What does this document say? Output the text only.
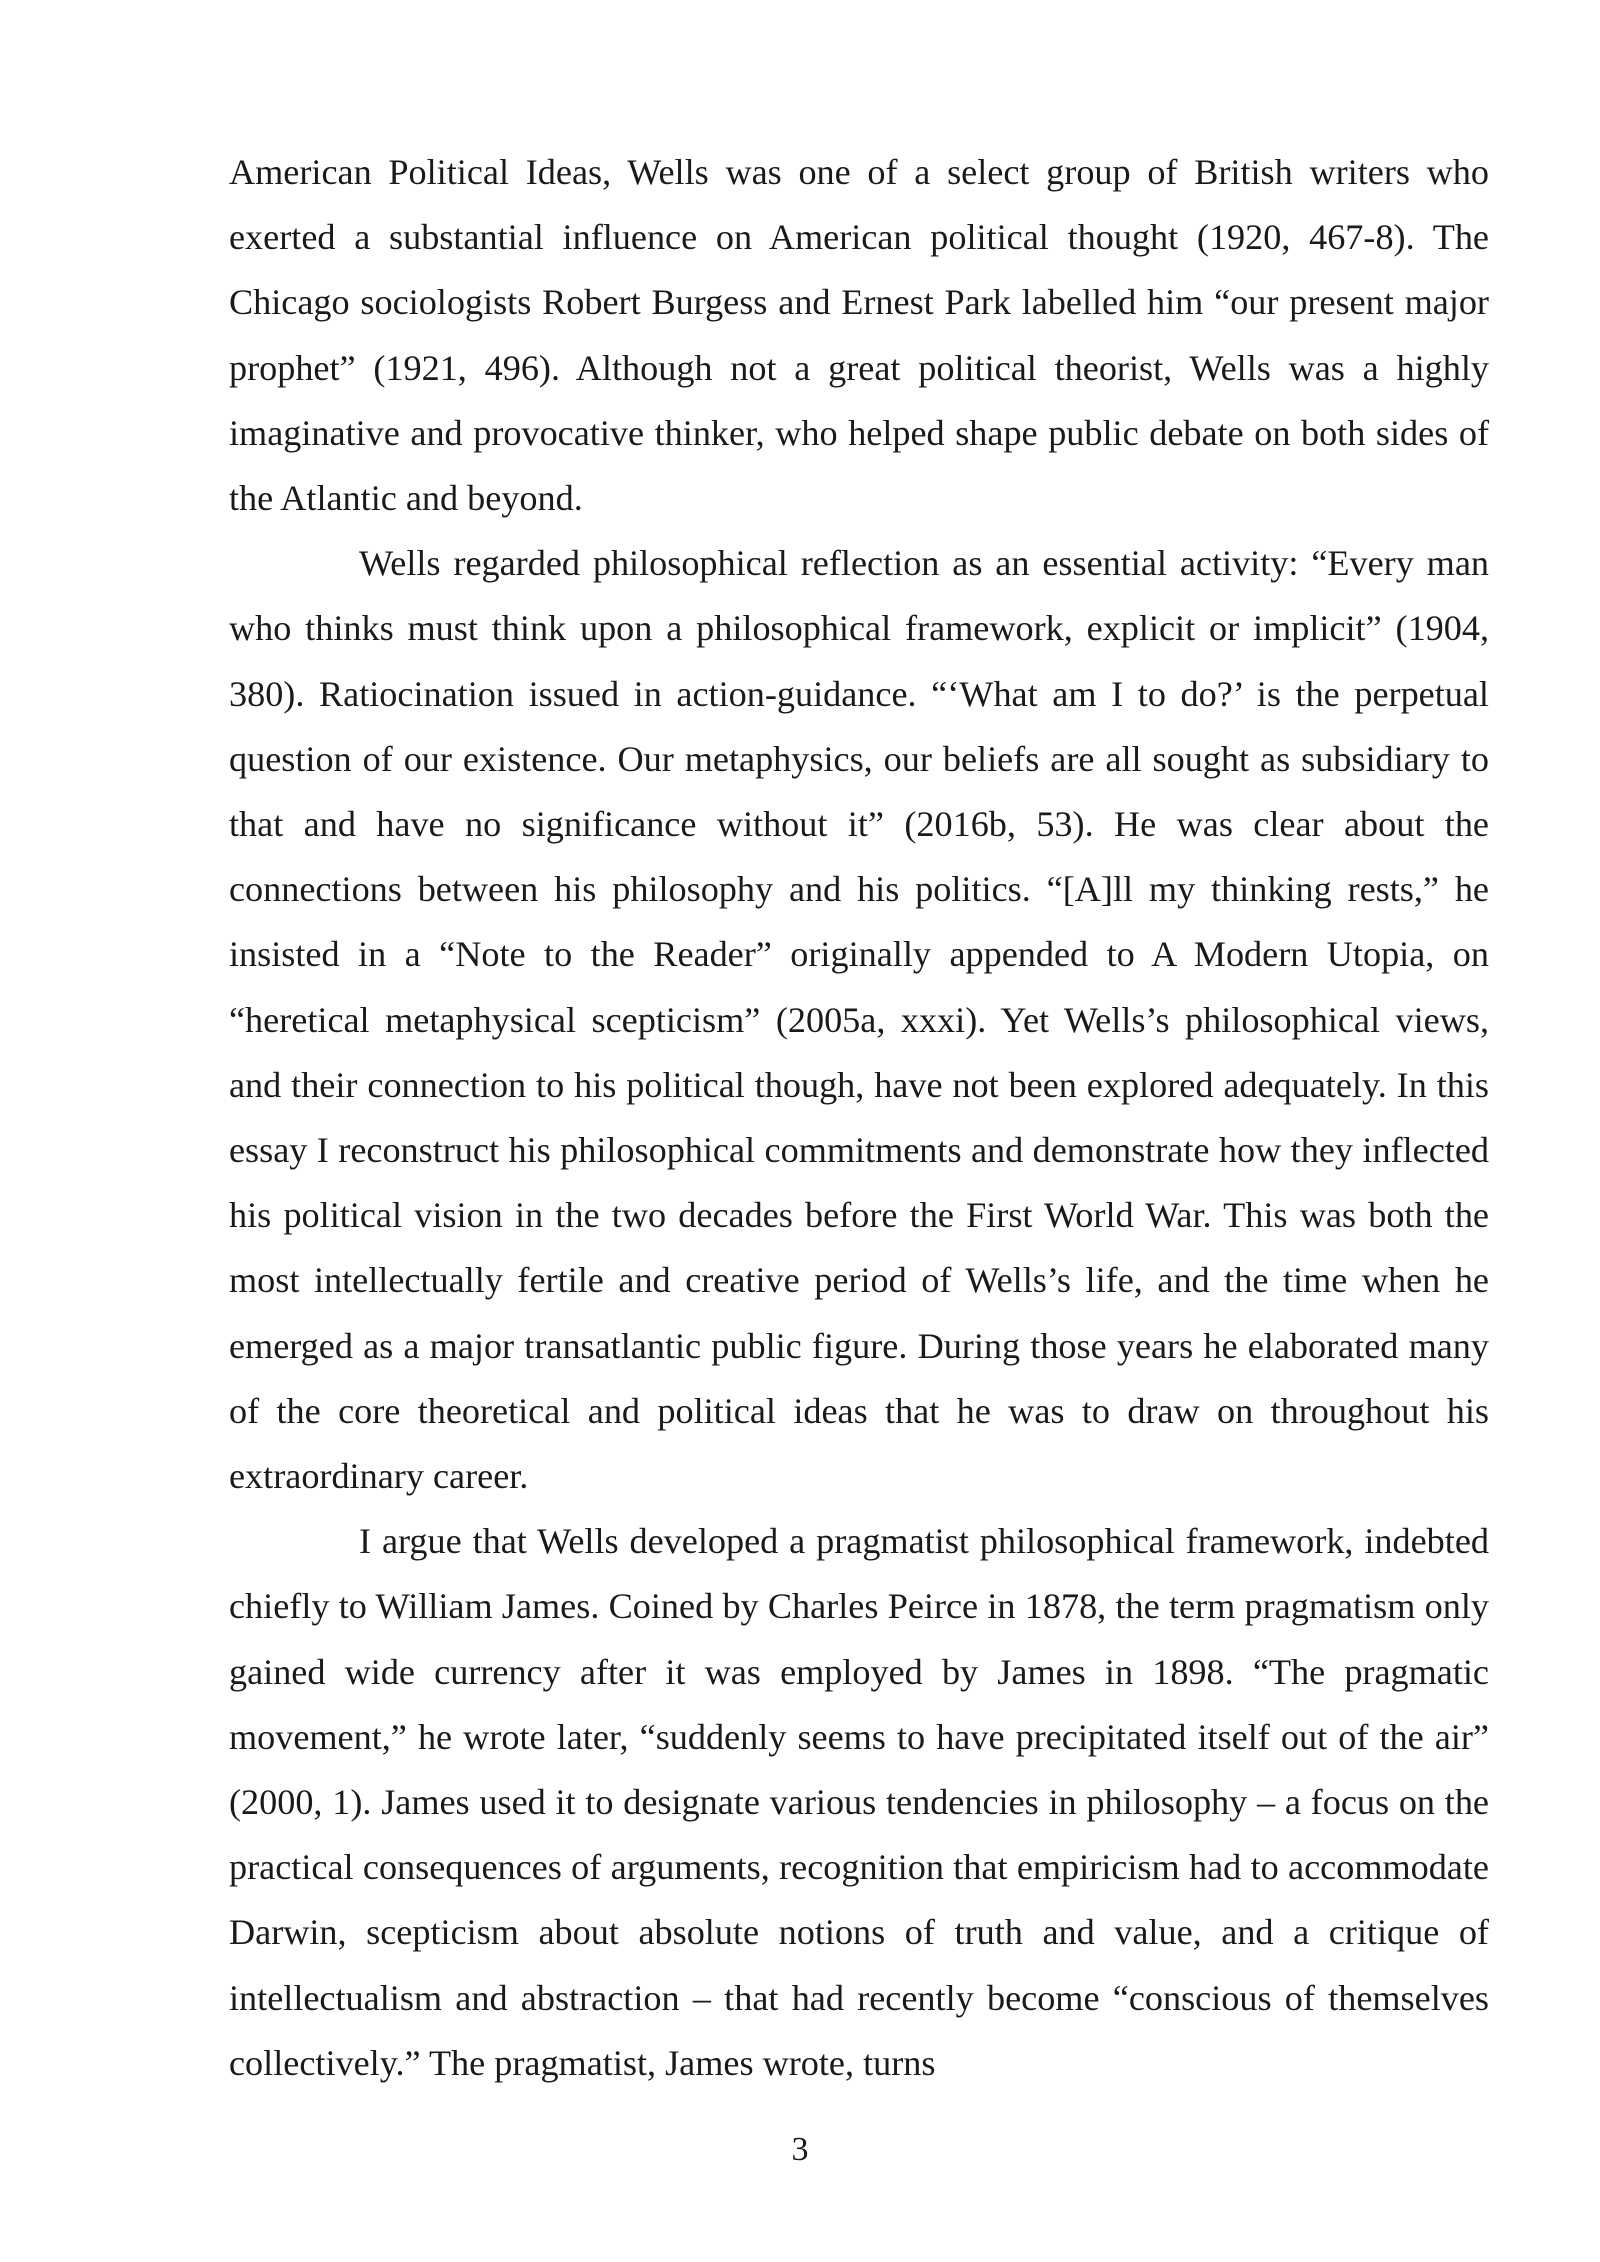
American Political Ideas, Wells was one of a select group of British writers who exerted a substantial influence on American political thought (1920, 467-8). The Chicago sociologists Robert Burgess and Ernest Park labelled him “our present major prophet” (1921, 496). Although not a great political theorist, Wells was a highly imaginative and provocative thinker, who helped shape public debate on both sides of the Atlantic and beyond.

Wells regarded philosophical reflection as an essential activity: “Every man who thinks must think upon a philosophical framework, explicit or implicit” (1904, 380). Ratiocination issued in action-guidance. “‘What am I to do?’ is the perpetual question of our existence. Our metaphysics, our beliefs are all sought as subsidiary to that and have no significance without it” (2016b, 53). He was clear about the connections between his philosophy and his politics. “[A]ll my thinking rests,” he insisted in a “Note to the Reader” originally appended to A Modern Utopia, on “heretical metaphysical scepticism” (2005a, xxxi). Yet Wells’s philosophical views, and their connection to his political though, have not been explored adequately. In this essay I reconstruct his philosophical commitments and demonstrate how they inflected his political vision in the two decades before the First World War. This was both the most intellectually fertile and creative period of Wells’s life, and the time when he emerged as a major transatlantic public figure. During those years he elaborated many of the core theoretical and political ideas that he was to draw on throughout his extraordinary career.

I argue that Wells developed a pragmatist philosophical framework, indebted chiefly to William James. Coined by Charles Peirce in 1878, the term pragmatism only gained wide currency after it was employed by James in 1898. “The pragmatic movement,” he wrote later, “suddenly seems to have precipitated itself out of the air” (2000, 1). James used it to designate various tendencies in philosophy – a focus on the practical consequences of arguments, recognition that empiricism had to accommodate Darwin, scepticism about absolute notions of truth and value, and a critique of intellectualism and abstraction – that had recently become “conscious of themselves collectively.” The pragmatist, James wrote, turns

3
